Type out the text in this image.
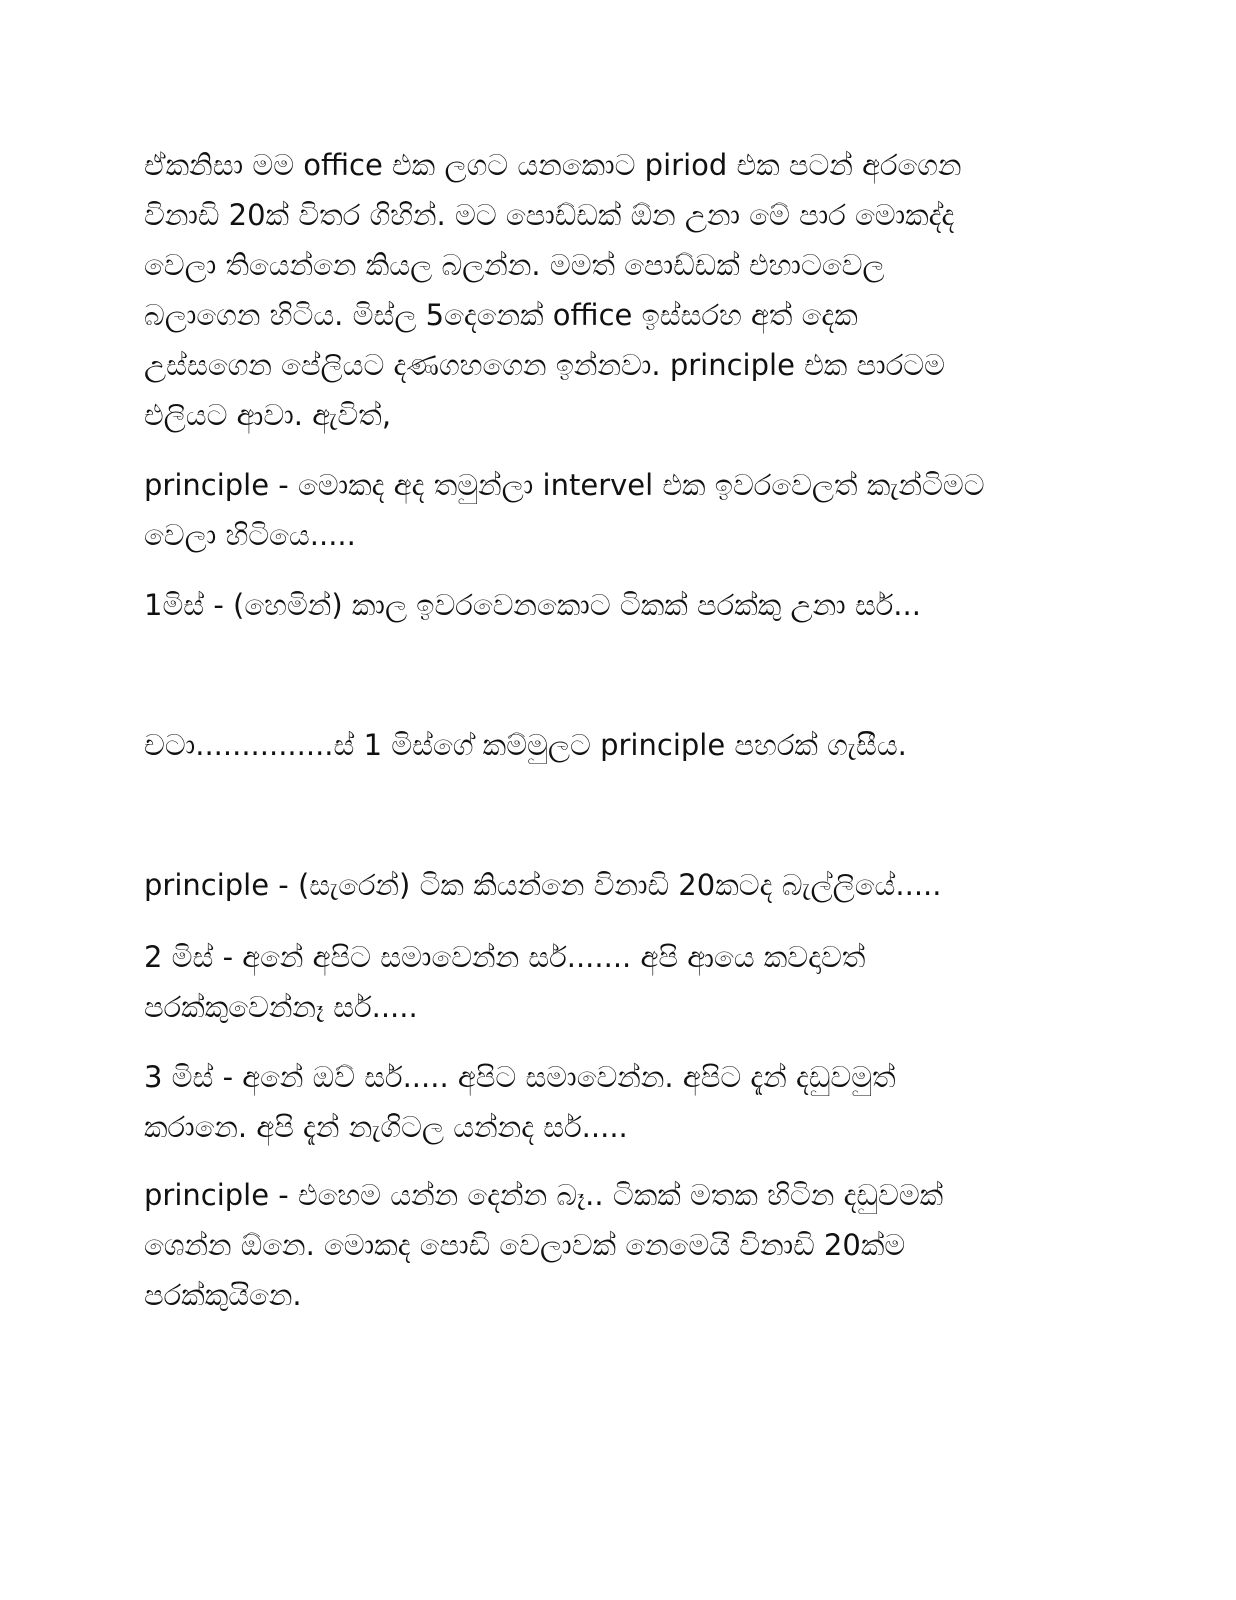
ඒකනිසා මම office එක ලගට යනකොට piriod එක පටන් අරගෙන
විනාඩි 20ක් විතර ගිහින්. මට පොඩ්ඩක් ඕන උනා මේ පාර මොකද්ද
වෙලා තියෙන්නෙ කියල බලන්න. මමත් පොඩ්ඩක් එහාටවෙල
බලාගෙන හිටිය. මිස්ල 5දෙනෙක් office ඉස්සරහ අත් දෙක
උස්සගෙන පේලියට දණගහගෙන ඉන්නවා. principle එක පාරටම
එලියට ආවා. ඇවිත්,

principle - මොකද අද තමුන්ලා intervel එක ඉවරවෙලත් කැන්ටිමට
වෙලා හිටියෙ.....

1මිස් - (හෙමින්) කාල ඉවරවෙනකොට ටිකක් පරක්කු උනා සර්...

චටා...............ස් 1 මිස්ගේ කම්මුලට principle පහරක් ගැසීය.

principle - (සැරෙන්) ටික කියන්නෙ විනාඩි 20කටද බැල්ලියේ.....

2 මිස් - අනේ අපිට සමාවෙන්න සර්....... අපි ආයෙ කවදාවත්
පරක්කුවෙන්නෑ සර්.....

3 මිස් - අනේ ඔව් සර්..... අපිට සමාවෙන්න. අපිට දැන් දඩුවමුත්
කරානෙ. අපි දැන් නැගිටල යන්නද සර්.....

principle - එහෙම යන්න දෙන්න බෑ.. ටිකක් මතක හිටින දඩුවමක්
ශෙන්න ඕනෙ. මොකද පොඩි වෙලාවක් නෙමෙයි විනාඩි 20ක්ම
පරක්කුයිනෙ.
